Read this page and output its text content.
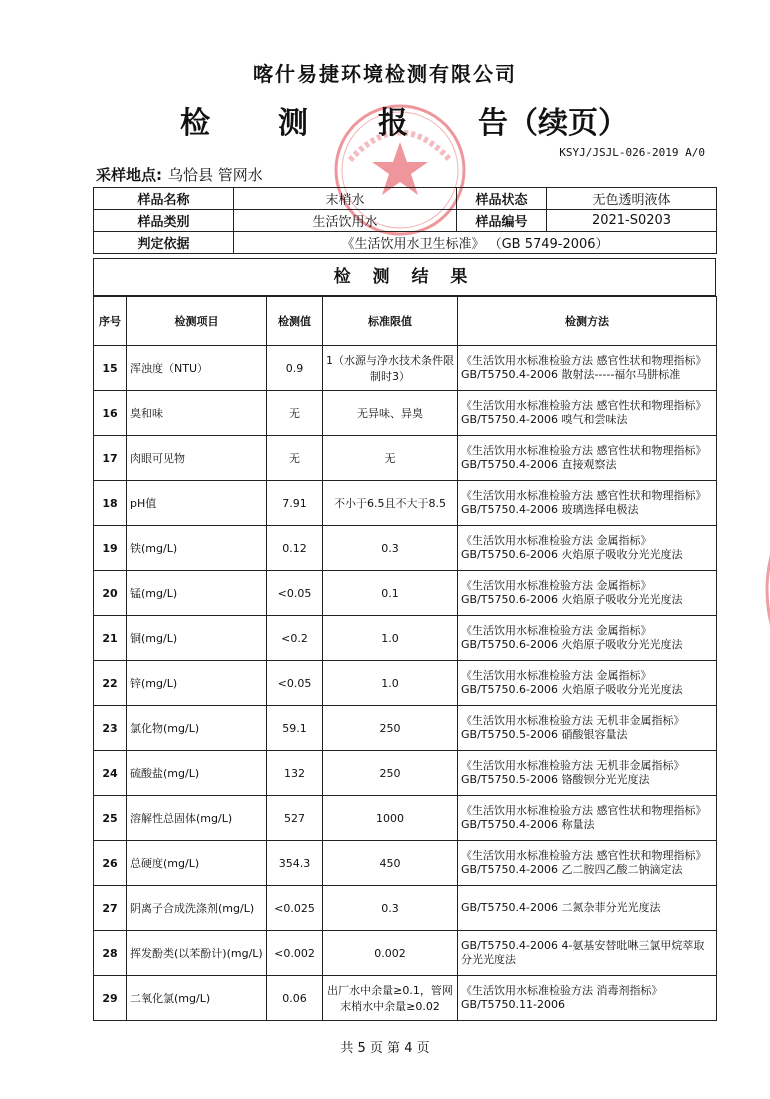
喀什易捷环境检测有限公司
检 测 报 告（续页）
KSYJ/JSJL-026-2019 A/0
采样地点: 乌恰县 管网水
样品名称	末梢水	样品状态	无色透明液体
样品类别	生活饮用水	样品编号	2021-S0203
判定依据	《生活饮用水卫生标准》 （GB 5749-2006）		
检 测 结 果
序号	检测项目	检测值	标准限值	检测方法
15	浑浊度（NTU）	0.9	1（水源与净水技术条件限制时3）	《生活饮用水标准检验方法 感官性状和物理指标》GB/T5750.4-2006 散射法-----福尔马肼标准
16	臭和味	无	无异味、异臭	《生活饮用水标准检验方法 感官性状和物理指标》GB/T5750.4-2006 嗅气和尝味法
17	肉眼可见物	无	无	《生活饮用水标准检验方法 感官性状和物理指标》GB/T5750.4-2006 直接观察法
18	pH值	7.91	不小于6.5且不大于8.5	《生活饮用水标准检验方法 感官性状和物理指标》GB/T5750.4-2006 玻璃选择电极法
19	铁(mg/L)	0.12	0.3	《生活饮用水标准检验方法 金属指标》GB/T5750.6-2006 火焰原子吸收分光光度法
20	锰(mg/L)	<0.05	0.1	《生活饮用水标准检验方法 金属指标》GB/T5750.6-2006 火焰原子吸收分光光度法
21	铜(mg/L)	<0.2	1.0	《生活饮用水标准检验方法 金属指标》GB/T5750.6-2006 火焰原子吸收分光光度法
22	锌(mg/L)	<0.05	1.0	《生活饮用水标准检验方法 金属指标》GB/T5750.6-2006 火焰原子吸收分光光度法
23	氯化物(mg/L)	59.1	250	《生活饮用水标准检验方法 无机非金属指标》GB/T5750.5-2006 硝酸银容量法
24	硫酸盐(mg/L)	132	250	《生活饮用水标准检验方法 无机非金属指标》GB/T5750.5-2006 铬酸钡分光光度法
25	溶解性总固体(mg/L)	527	1000	《生活饮用水标准检验方法 感官性状和物理指标》GB/T5750.4-2006 称量法
26	总硬度(mg/L)	354.3	450	《生活饮用水标准检验方法 感官性状和物理指标》GB/T5750.4-2006 乙二胺四乙酸二钠滴定法
27	阴离子合成洗涤剂(mg/L)	<0.025	0.3	GB/T5750.4-2006 二氮杂菲分光光度法
28	挥发酚类(以苯酚计)(mg/L)	<0.002	0.002	GB/T5750.4-2006 4-氨基安替吡啉三氯甲烷萃取分光光度法
29	二氧化氯(mg/L)	0.06	出厂水中余量≥0.1，管网末梢水中余量≥0.02	《生活饮用水标准检验方法 消毒剂指标》GB/T5750.11-2006
共 5 页 第 4 页
